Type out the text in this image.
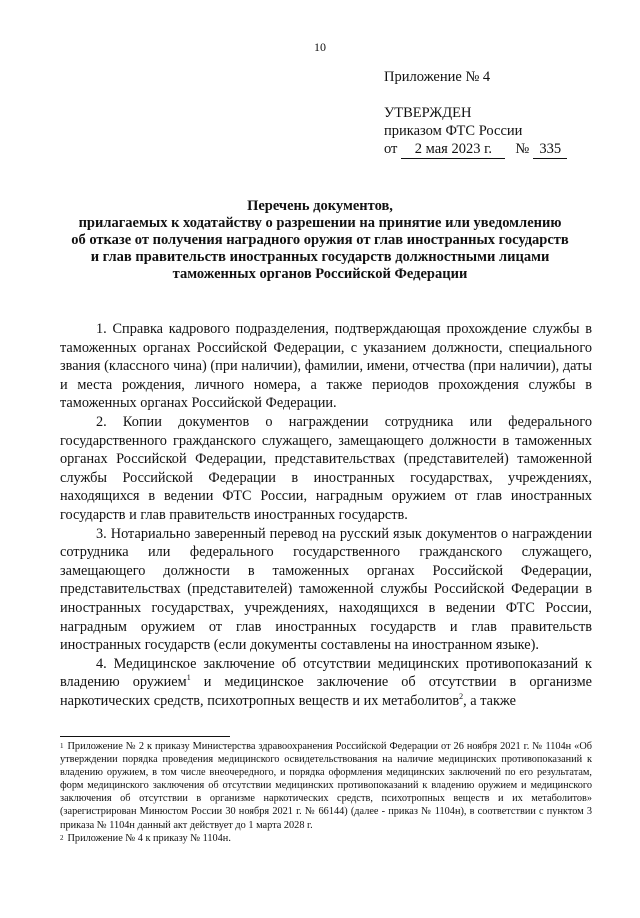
10
Приложение № 4
УТВЕРЖДЕН
приказом ФТС России
от 2 мая 2023 г. № 335
Перечень документов,
прилагаемых к ходатайству о разрешении на принятие или уведомлению
об отказе от получения наградного оружия от глав иностранных государств
и глав правительств иностранных государств должностными лицами
таможенных органов Российской Федерации

1. Справка кадрового подразделения, подтверждающая прохождение службы в таможенных органах Российской Федерации, с указанием должности, специального звания (классного чина) (при наличии), фамилии, имени, отчества (при наличии), даты и места рождения, личного номера, а также периодов прохождения службы в таможенных органах Российской Федерации.

2. Копии документов о награждении сотрудника или федерального государственного гражданского служащего, замещающего должности в таможенных органах Российской Федерации, представительствах (представителей) таможенной службы Российской Федерации в иностранных государствах, учреждениях, находящихся в ведении ФТС России, наградным оружием от глав иностранных государств и глав правительств иностранных государств.

3. Нотариально заверенный перевод на русский язык документов о награждении сотрудника или федерального государственного гражданского служащего, замещающего должности в таможенных органах Российской Федерации, представительствах (представителей) таможенной службы Российской Федерации в иностранных государствах, учреждениях, находящихся в ведении ФТС России, наградным оружием от глав иностранных государств и глав правительств иностранных государств (если документы составлены на иностранном языке).

4. Медицинское заключение об отсутствии медицинских противопоказаний к владению оружием$^1$ и медицинское заключение об отсутствии в организме наркотических средств, психотропных веществ и их метаболитов$^2$, а также

$^1$ Приложение № 2 к приказу Министерства здравоохранения Российской Федерации от 26 ноября 2021 г. № 1104н «Об утверждении порядка проведения медицинского освидетельствования на наличие медицинских противопоказаний к владению оружием, в том числе внеочередного, и порядка оформления медицинских заключений по его результатам, форм медицинского заключения об отсутствии медицинских противопоказаний к владению оружием и медицинского заключения об отсутствии в организме наркотических средств, психотропных веществ и их метаболитов» (зарегистрирован Минюстом России 30 ноября 2021 г. № 66144) (далее - приказ № 1104н), в соответствии с пунктом 3 приказа № 1104н данный акт действует до 1 марта 2028 г.

$^2$ Приложение № 4 к приказу № 1104н.
